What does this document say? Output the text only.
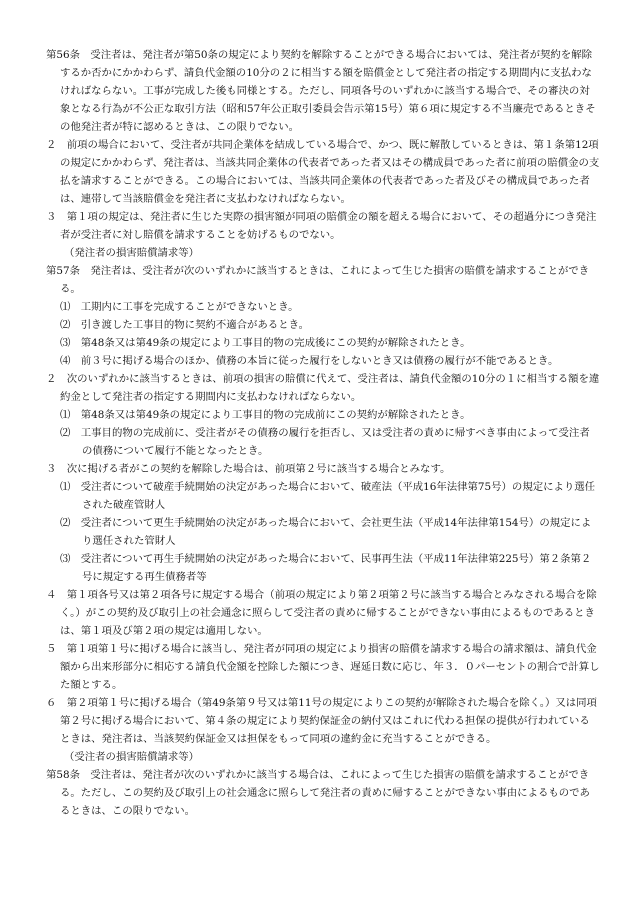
第56条　受注者は、発注者が第50条の規定により契約を解除することができる場合においては、発注者が契約を解除するか否かにかかわらず、請負代金額の10分の２に相当する額を賠償金として発注者の指定する期間内に支払わなければならない。工事が完成した後も同様とする。ただし、同項各号のいずれかに該当する場合で、その審決の対象となる行為が不公正な取引方法（昭和57年公正取引委員会告示第15号）第６項に規定する不当廉売であるときその他発注者が特に認めるときは、この限りでない。

２　前項の場合において、受注者が共同企業体を結成している場合で、かつ、既に解散しているときは、第１条第12項の規定にかかわらず、発注者は、当該共同企業体の代表者であった者又はその構成員であった者に前項の賠償金の支払を請求することができる。この場合においては、当該共同企業体の代表者であった者及びその構成員であった者は、連帯して当該賠償金を発注者に支払わなければならない。

３　第１項の規定は、発注者に生じた実際の損害額が同項の賠償金の額を超える場合において、その超過分につき発注者が受注者に対し賠償を請求することを妨げるものでない。

（発注者の損害賠償請求等）

第57条　発注者は、受注者が次のいずれかに該当するときは、これによって生じた損害の賠償を請求することができる。

⑴　工期内に工事を完成することができないとき。

⑵　引き渡した工事目的物に契約不適合があるとき。

⑶　第48条又は第49条の規定により工事目的物の完成後にこの契約が解除されたとき。

⑷　前３号に掲げる場合のほか、債務の本旨に従った履行をしないとき又は債務の履行が不能であるとき。

２　次のいずれかに該当するときは、前項の損害の賠償に代えて、受注者は、請負代金額の10分の１に相当する額を違約金として発注者の指定する期間内に支払わなければならない。

⑴　第48条又は第49条の規定により工事目的物の完成前にこの契約が解除されたとき。

⑵　工事目的物の完成前に、受注者がその債務の履行を拒否し、又は受注者の責めに帰すべき事由によって受注者の債務について履行不能となったとき。

３　次に掲げる者がこの契約を解除した場合は、前項第２号に該当する場合とみなす。

⑴　受注者について破産手続開始の決定があった場合において、破産法（平成16年法律第75号）の規定により選任された破産管財人

⑵　受注者について更生手続開始の決定があった場合において、会社更生法（平成14年法律第154号）の規定により選任された管財人

⑶　受注者について再生手続開始の決定があった場合において、民事再生法（平成11年法律第225号）第２条第２号に規定する再生債務者等

４　第１項各号又は第２項各号に規定する場合（前項の規定により第２項第２号に該当する場合とみなされる場合を除く。）がこの契約及び取引上の社会通念に照らして受注者の責めに帰することができない事由によるものであるときは、第１項及び第２項の規定は適用しない。

５　第１項第１号に掲げる場合に該当し、発注者が同項の規定により損害の賠償を請求する場合の請求額は、請負代金額から出来形部分に相応する請負代金額を控除した額につき、遅延日数に応じ、年３．０パーセントの割合で計算した額とする。

６　第２項第１号に掲げる場合（第49条第９号又は第11号の規定によりこの契約が解除された場合を除く。）又は同項第２号に掲げる場合において、第４条の規定により契約保証金の納付又はこれに代わる担保の提供が行われているときは、発注者は、当該契約保証金又は担保をもって同項の違約金に充当することができる。

（受注者の損害賠償請求等）

第58条　受注者は、発注者が次のいずれかに該当する場合は、これによって生じた損害の賠償を請求することができる。ただし、この契約及び取引上の社会通念に照らして発注者の責めに帰することができない事由によるものであるときは、この限りでない。
